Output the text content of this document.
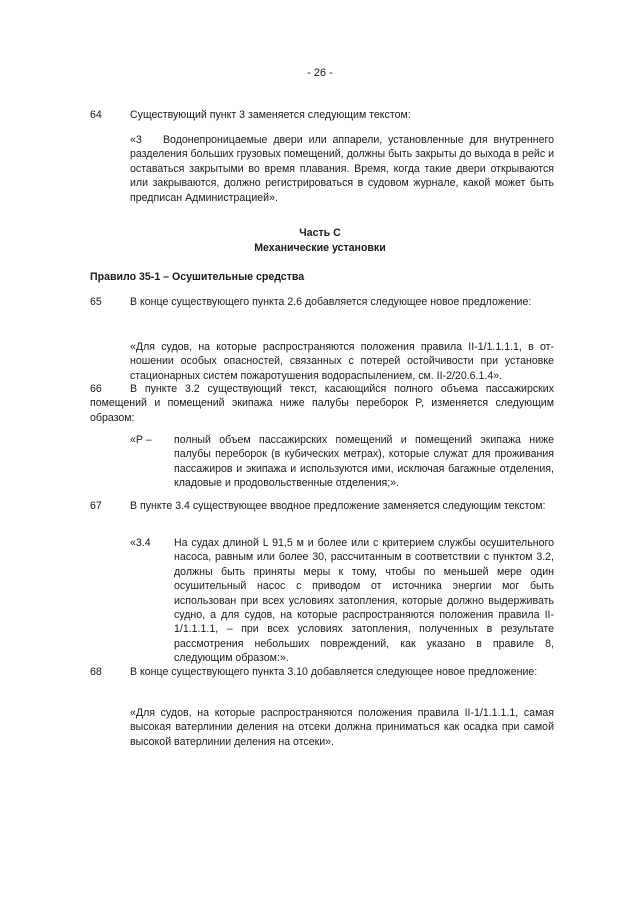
- 26 -
64	Существующий пункт 3 заменяется следующим текстом:
«3  Водонепроницаемые двери или аппарели, установленные для внутреннего разделения больших грузовых помещений, должны быть закрыты до выхода в рейс и оставаться закрытыми во время плавания. Время, когда такие двери открываются или закрываются, должно регистрироваться в судовом журнале, какой может быть предписан Администрацией».
Часть C
Механические установки
Правило 35-1 – Осушительные средства
65	В конце существующего пункта 2.6 добавляется следующее новое предложение:
«Для судов, на которые распространяются положения правила II-1/1.1.1.1, в отношении особых опасностей, связанных с потерей остойчивости при установке стационарных систем пожаротушения водораспылением, см. II-2/20.6.1.4».
66	В пункте 3.2 существующий текст, касающийся полного объема пассажирских помещений и помещений экипажа ниже палубы переборок P, изменяется следующим образом:
«P – полный объем пассажирских помещений и помещений экипажа ниже палубы переборок (в кубических метрах), которые служат для проживания пассажиров и экипажа и используются ими, исключая багажные отделения, кладовые и продовольственные отделения;».
67	В пункте 3.4 существующее вводное предложение заменяется следующим текстом:
«3.4 На судах длиной L 91,5 м и более или с критерием службы осушительного насоса, равным или более 30, рассчитанным в соответствии с пунктом 3.2, должны быть приняты меры к тому, чтобы по меньшей мере один осушительный насос с приводом от источника энергии мог быть использован при всех условиях затопления, которые должно выдерживать судно, а для судов, на которые распространяются положения правила II-1/1.1.1.1, – при всех условиях затопления, полученных в результате рассмотрения небольших повреждений, как указано в правиле 8, следующим образом:».
68	В конце существующего пункта 3.10 добавляется следующее новое предложение:
«Для судов, на которые распространяются положения правила II-1/1.1.1.1, самая высокая ватерлинии деления на отсеки должна приниматься как осадка при самой высокой ватерлинии деления на отсеки».
